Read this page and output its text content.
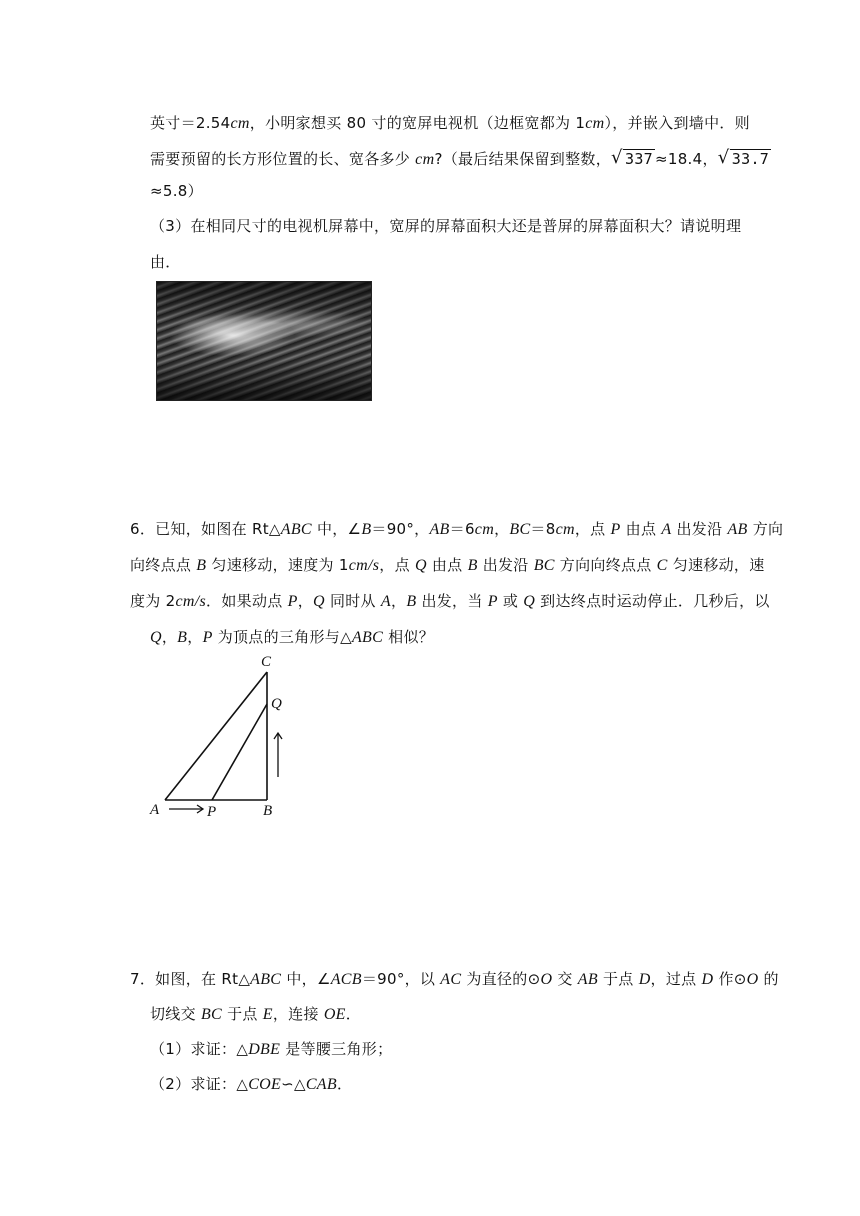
英寸＝2.54cm，小明家想买 80 寸的宽屏电视机（边框宽都为 1cm），并嵌入到墙中．则
需要预留的长方形位置的长、宽各多少 cm?（最后结果保留到整数， √ 337 ≈18.4， √ 33.7
≈5.8）
（3）在相同尺寸的电视机屏幕中，宽屏的屏幕面积大还是普屏的屏幕面积大？请说明理
由．
6．已知，如图在 Rt△ABC 中，∠B＝90°，AB＝6cm，BC＝8cm，点 P 由点 A 出发沿 AB 方向
向终点点 B 匀速移动，速度为 1cm/s，点 Q 由点 B 出发沿 BC 方向向终点点 C 匀速移动，速
度为 2cm/s．如果动点 P，Q 同时从 A，B 出发，当 P 或 Q 到达终点时运动停止．几秒后，以
Q，B，P 为顶点的三角形与△ABC 相似？
C
Q
A	P	B
7．如图，在 Rt△ABC 中，∠ACB＝90°，以 AC 为直径的⊙O 交 AB 于点 D，过点 D 作⊙O 的
切线交 BC 于点 E，连接 OE．
（1）求证：△DBE 是等腰三角形；
（2）求证：△COE∽△CAB．
